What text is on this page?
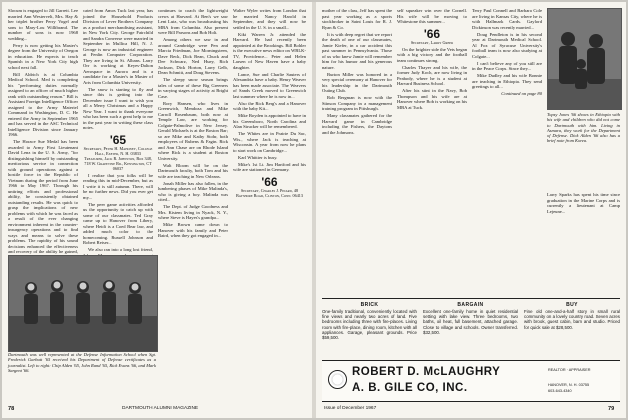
Slocum is engaged to Jill Garrett. Lee married Ann Westervelt, Mrs. Hay & her triplet brother Perry Vogel and sons to Mary-Lou Willibrand. The number of sons is now 1968 wedding...

Perry is now getting his Master's degree from the University of Oregon in education. He expects to teach Spanish in a New York City high school next fall.

Bill Aldrich is at Columbia Medical School. Med is completing his "performing duties normally assigned to an officer of much higher rank with outstanding reason." Bill is Assistant Foreign Intelligence Officer assigned to the Army Materiel Command in Washington, D. C. He entered the Army in September 1965 and has served in the ASC Technical Intelligence Division since January 1966.

The Horace Sue Medal has been awarded to Army First Lieutenant David Lenz in the U. S. Army, "for distinguishing himself by outstanding meritorious service in connection with ground operations against a hostile force in the Republic of Vietnam during the period from June 1966 to May 1967. Through his untiring efforts and professional ability, he consistently obtained outstanding results. He was quick to grasp the implications of new problems with which he was faced as a result of the ever changing environment inherent in the counter-insurgency operations and to find ways and means to solve these problems. The rapidity of his sound decisions enhanced the effectiveness and recovery of the ability he gained,

cated from Amos Tuck last year, has joined the Household Products Division of Lever Brothers Company as a product merchandising assistant, in New York City. George Fairchild and Sandra Converse were married in September in Mullica Hill, N. J. George is now an industrial engineer at Fenlin Computer Corporation. They are living in St. Albans. Larry Orr is working at Keyes-Dalton Aerospace in Aurora and is a candidate for a Master's in Master of Arts from Columbia University.

The snow is starting to fly and since this is getting into the December issue I want to wish you all a Merry Christmas and a Happy New Year. I want to thank everyone who has been such a great help to me in the past year in writing these class notes.

'65
Secretary, Peter H. Mahoney, College Hall, Exeter, N. H. 03833
Treasurer, Jack R. Johnston, Box 348, 718 W. Grapevine Rd., Kensington, CT 06037

I realize that you folks will be reading this in mid-December, but as I write it is still autumn. There, will be no further news. Did you ever get my...

The peer game activities afforded us the opportunity to catch up with some of our classmates. Ted Gray came up to Hanover from Libery, where Heidi is a Coed Bear law, and added much color to the homecoming. Russell Johnson and Robert Reiser...

We also ran into a long lost friend,

continues to coach the lightweight crews at Harvard. At Ben's we saw Lent Lutz, who was broadcasting his MBA from Columbia. Also present were Bill Parsons and Bob Holt.

Among others we saw in and around Cambridge were Pen and Marcia Friedman, Joe Morningsteen, Dave Beck, Dick Bean, Chuck and Dee Schwarz, Ned Huey, Rich Jackson, Dick Horton, Larry Gelb, Dean Schmitt, and Doug Stevens.

The sleepy snow season brings tales of some of these Big Greeners in varying stages of activity at Bright Case.

Rory Hansen, who lives in Greenwich, Mendoza and Mike Carroll Rosenbaum, both now at Temple Law, are working for Colgate-Palmolive in New Jersey. Gerald Michaels is at the Boston Bar; so are Mike and Kathy Stohr, both employees of Rubens & Fagin. Rick and Ann Chase are on Rhode Island where Rick is a student at Boston University.

Walt Bloom will be on the Dartmouth faculty, both Tom and his wife are teaching in New Orleans.

Jonah Miller has also fallen, in the lumbering phases of Mike Malinda's, who is giving a boy. Malinda was cited...

The Dept. of Judge Goodness and Mrs. Kistem living in Nyack, N. Y., where Steve is Hayes's grandpa...

Mike Brown came down to Hanover with his family and Peter Baird, when they got engaged in...

Walter Wyler writes from London that he married Nancy Harold in September, and they will now be settled in the U. S. in a small...

Kiki Warren Jr. attended the Harvard. He had recently been appointed at the Brookings. Bill Bohler is the executive news editor on WBLK-TV, Providence... Peter and Helen Larsen of New Haven have a baby daughter.

Lance, Sue and Charlie Sauters of Alexandria have a baby. Henry Weaver has been made associate. The Weavers of Sands Creek moved to Greenwich last summer where he is now in...

Also the Rick Berg's and a Hanover with the baby Kit...

Mike Boyden is appointed to have in his Greensboro, North Carolina and Alan Strucker will be remembered.

The Whites are in Prairie Du Sac, Wis., where Jack is teaching at Wisconsin. A year from now he plans to start work on Cambridge...

Karl Whittier is busy.

Mike's 1st Lt. Jim Hartford and his wife are stationed in Germany.

'66
Secretary, Charles J. Pinard, 48 Bayshore Road, Clinton, Conn. 06413
Dartmouth was well represented at the Defense Information School when Sgt. Frederick Garbutt '65 received his Department of Defense certificates as a journalist. Left to right: Chip Alden '65, John Rand '65, Rick Evans '66, and Mark Sargent '66.
78	DARTMOUTH ALUMNI MAGAZINE

mother of the class, Jeff has spent the past year working as a sports stockbroker in Saint Louis for R. J. Ryan & Co.

It is with deep regret that we report the death of one of our classmates, Jamie Kiefer, in a car accident this past summer in Pennsylvania. Those of us who knew Jamie will remember him for his humor and his generous nature.

Burton Miller was honored in a very special ceremony at Hanover for his leadership in the Dartmouth Outing Club.

Rob Bergman is now with the Stinson Company in a management training program in Pittsburgh.

Many classmates gathered for the Harvard game in Cambridge including the Fishers, the Daytons and the Johnsons.

self squeaker win over the Cornell. His wife will be moving to Whitestone this summer...

'66
Secretary, Larry Greer

On the brighter side the Vets began with a big victory and the football team continues strong.

Charles Thayer and his wife, the former Judy Koch, are now living in Peabody, where he is a student at Harvard Business School.

After his stint in the Navy, Bob Thompson and his wife are at Hanover where Bob is working on his MBA at Tuck.

Terry Paul Connell and Barbara Cole are living in Kansas City, where he is with Hallmark Cards. Gaylord Dickinson was recently married...

Doug Pendleton is in his second year at Dartmouth Medical School. Al Fox of Syracuse University's football team is now also studying at Colgate...

I can't believe any of you still are in the Peace Corps. Since they...

Mike Dudley and his wife Bonnie are teaching in Ethiopia. They send greetings to all...

Continued on page 80
Topsy Jones '66 shows in Ethiopia with his wife and children who did not come to Dartmouth with him. Living in Asmara, they work for the Department of Defense. Dick Alden '66 also has a brief note from Korea.

Larry Sparks has spent his time since graduation in the Marine Corps and is currently a lieutenant at Camp Lejeune...

BRICK
One-family traditional, conveniently located with fine views and nearly two acres of land. Five bedrooms including three with fire-places. Living room with fire-place, dining room, kitchen with all appliances. Garage, pleasant grounds. Price $59,500.
BARGAIN
Excellent one-family home in quiet residential setting with lake view. Three bedrooms, two baths, oil heat, full basement, attached garage. Close to village and schools. Owner transferred. $32,500.
BUY
Fine old one-and-a-half story in small rural community on a lovely country road. Seven acres with brook, guest cabin, barn and studio. Priced for quick sale at $28,500.
ROBERT D. McLAUGHRY	REALTOR · APPRAISER
A. B. GILE CO, INC.	HANOVER, N. H. 03755
603-643-4340
Issue of December 1967	79
